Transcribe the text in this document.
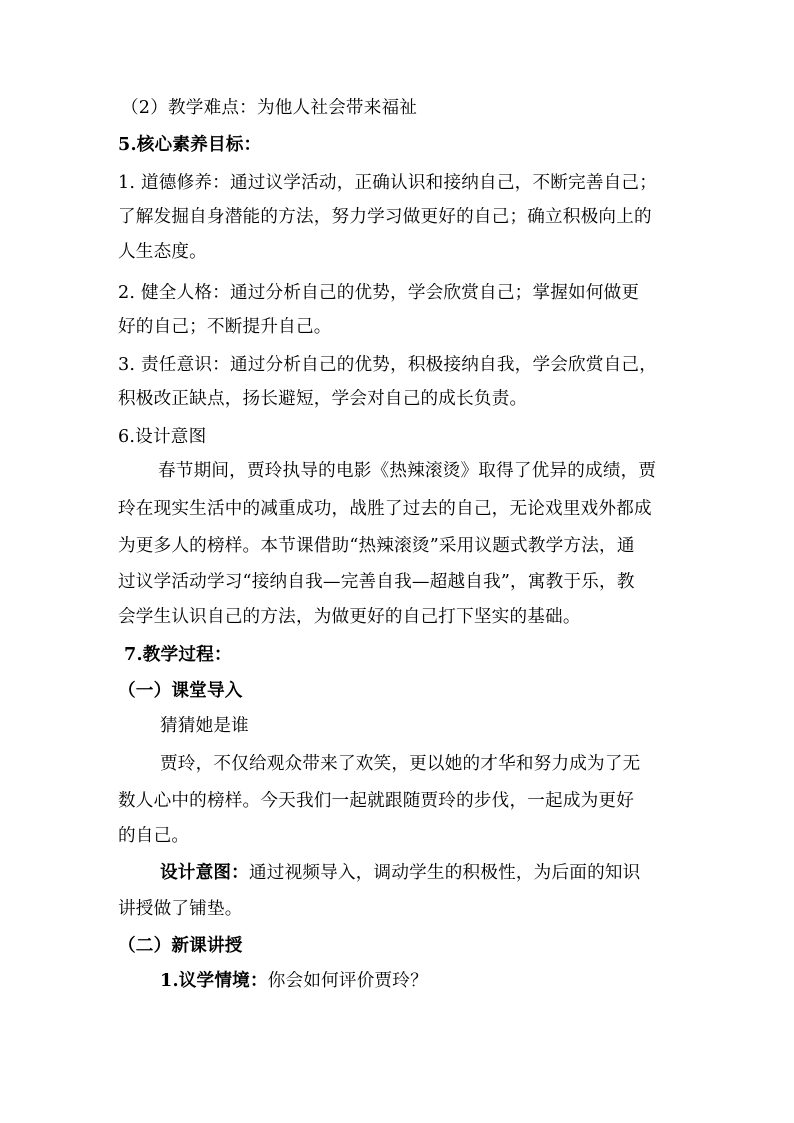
（2）教学难点：为他人社会带来福祉
5.核心素养目标：
1. 道德修养：通过议学活动，正确认识和接纳自己，不断完善自己；
了解发掘自身潜能的方法，努力学习做更好的自己；确立积极向上的
人生态度。
2. 健全人格：通过分析自己的优势，学会欣赏自己；掌握如何做更
好的自己；不断提升自己。
3. 责任意识：通过分析自己的优势，积极接纳自我，学会欣赏自己，
积极改正缺点，扬长避短，学会对自己的成长负责。
6.设计意图
春节期间，贾玲执导的电影《热辣滚烫》取得了优异的成绩，贾
玲在现实生活中的减重成功，战胜了过去的自己，无论戏里戏外都成
为更多人的榜样。本节课借助“热辣滚烫”采用议题式教学方法，通
过议学活动学习“接纳自我—完善自我—超越自我”，寓教于乐，教
会学生认识自己的方法，为做更好的自己打下坚实的基础。
7.教学过程：
（一）课堂导入
猜猜她是谁
贾玲，不仅给观众带来了欢笑，更以她的才华和努力成为了无
数人心中的榜样。今天我们一起就跟随贾玲的步伐，一起成为更好
的自己。
设计意图：通过视频导入，调动学生的积极性，为后面的知识
讲授做了铺垫。
（二）新课讲授
1.议学情境：你会如何评价贾玲？
